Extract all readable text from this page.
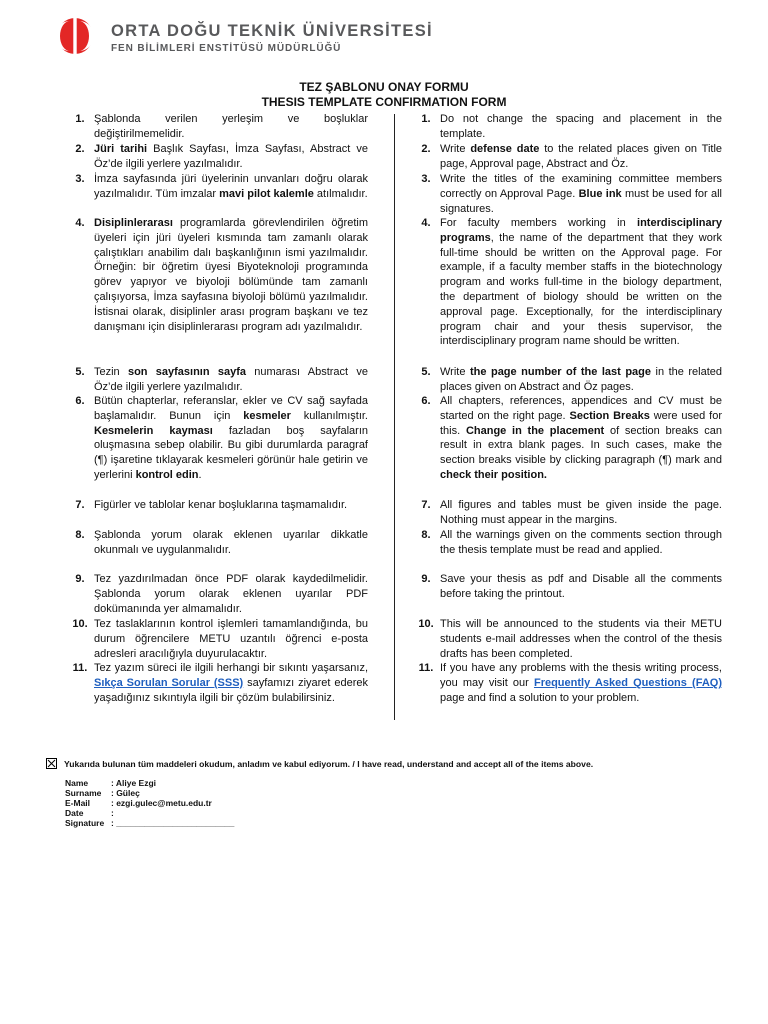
ORTA DOĞU TEKNİK ÜNİVERSİTESİ
FEN BİLİMLERİ ENSTİTÜSÜ MÜDÜRLÜĞÜ
TEZ ŞABLONU ONAY FORMU
THESIS TEMPLATE CONFIRMATION FORM
1. Şablonda verilen yerleşim ve boşluklar değiştirilmemelidir.
2. Jüri tarihi Başlık Sayfası, İmza Sayfası, Abstract ve Öz’de ilgili yerlere yazılmalıdır.
3. İmza sayfasında jüri üyelerinin unvanları doğru olarak yazılmalıdır. Tüm imzalar mavi pilot kalemle atılmalıdır.
4. Disiplinlerarası programlarda görevlendirilen öğretim üyeleri için jüri üyeleri kısmında tam zamanlı olarak çalıştıkları anabilim dalı başkanlığının ismi yazılmalıdır. Örneğin: bir öğretim üyesi Biyoteknoloji programında görev yapıyor ve biyoloji bölümünde tam zamanlı çalışıyorsa, İmza sayfasına biyoloji bölümü yazılmalıdır. İstisnai olarak, disiplinler arası program başkanı ve tez danışmanı için disiplinlerarası program adı yazılmalıdır.
5. Tezin son sayfasının sayfa numarası Abstract ve Öz’de ilgili yerlere yazılmalıdır.
6. Bütün chapterlar, referanslar, ekler ve CV sağ sayfada başlamalıdır. Bunun için kesmeler kullanılmıştır. Kesmelerin kayması fazladan boş sayfaların oluşmasına sebep olabilir. Bu gibi durumlarda paragraf (¶) işaretine tıklayarak kesmeleri görünür hale getirin ve yerlerini kontrol edin.
7. Figürler ve tablolar kenar boşluklarına taşmamalıdır.
8. Şablonda yorum olarak eklenen uyarılar dikkatle okunmalı ve uygulanmalıdır.
9. Tez yazdırılmadan önce PDF olarak kaydedilmelidir. Şablonda yorum olarak eklenen uyarılar PDF dokümanında yer almamalıdır.
10. Tez taslaklarının kontrol işlemleri tamamlandığında, bu durum öğrencilere METU uzantılı öğrenci e-posta adresleri aracılığıyla duyurulacaktır.
11. Tez yazım süreci ile ilgili herhangi bir sıkıntı yaşarsanız, Sıkça Sorulan Sorular (SSS) sayfamızı ziyaret ederek yaşadığınız sıkıntıyla ilgili bir çözüm bulabilirsiniz.
1. Do not change the spacing and placement in the template.
2. Write defense date to the related places given on Title page, Approval page, Abstract and Öz.
3. Write the titles of the examining committee members correctly on Approval Page. Blue ink must be used for all signatures.
4. For faculty members working in interdisciplinary programs, the name of the department that they work full-time should be written on the Approval page. For example, if a faculty member staffs in the biotechnology program and works full-time in the biology department, the department of biology should be written on the approval page. Exceptionally, for the interdisciplinary program chair and your thesis supervisor, the interdisciplinary program name should be written.
5. Write the page number of the last page in the related places given on Abstract and Öz pages.
6. All chapters, references, appendices and CV must be started on the right page. Section Breaks were used for this. Change in the placement of section breaks can result in extra blank pages. In such cases, make the section breaks visible by clicking paragraph (¶) mark and check their position.
7. All figures and tables must be given inside the page. Nothing must appear in the margins.
8. All the warnings given on the comments section through the thesis template must be read and applied.
9. Save your thesis as pdf and Disable all the comments before taking the printout.
10. This will be announced to the students via their METU students e-mail addresses when the control of the thesis drafts has been completed.
11. If you have any problems with the thesis writing process, you may visit our Frequently Asked Questions (FAQ) page and find a solution to your problem.
Yukarıda bulunan tüm maddeleri okudum, anladım ve kabul ediyorum. / I have read, understand and accept all of the items above.
Name	: Aliye Ezgi
Surname	: Güleç
E-Mail	: ezgi.gulec@metu.edu.tr
Date	:
Signature : _________________________
